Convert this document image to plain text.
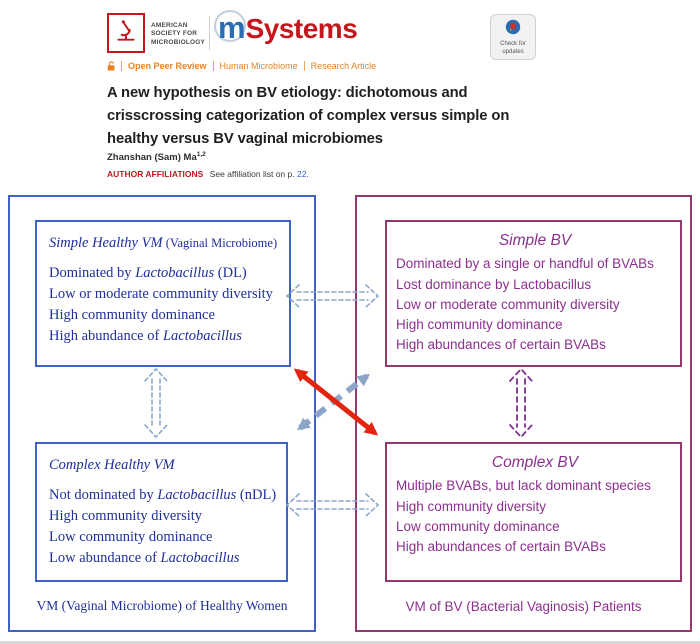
AMERICAN SOCIETY FOR MICROBIOLOGY m Systems	Check for
updates
Open Peer Review	Human Microbiome	Research Article
A new hypothesis on BV etiology: dichotomous and crisscrossing categorization of complex versus simple on healthy versus BV vaginal microbiomes
Zhanshan (Sam) Ma$^{1,2}$
AUTHOR AFFILIATIONS See affiliation list on p. 22.
Simple Healthy VM (Vaginal Microbiome)
Dominated by Lactobacillus (DL)
Low or moderate community diversity
High community dominance
High abundance of Lactobacillus
Complex Healthy VM
Not dominated by Lactobacillus (nDL)
High community diversity
Low community dominance
Low abundance of Lactobacillus
VM (Vaginal Microbiome) of Healthy Women
Simple BV
Dominated by a single or handful of BVABs
Lost dominance by Lactobacillus
Low or moderate community diversity
High community dominance
High abundances of certain BVABs
Complex BV
Multiple BVABs, but lack dominant species
High community diversity
Low community dominance
High abundances of certain BVABs
VM of BV (Bacterial Vaginosis) Patients
